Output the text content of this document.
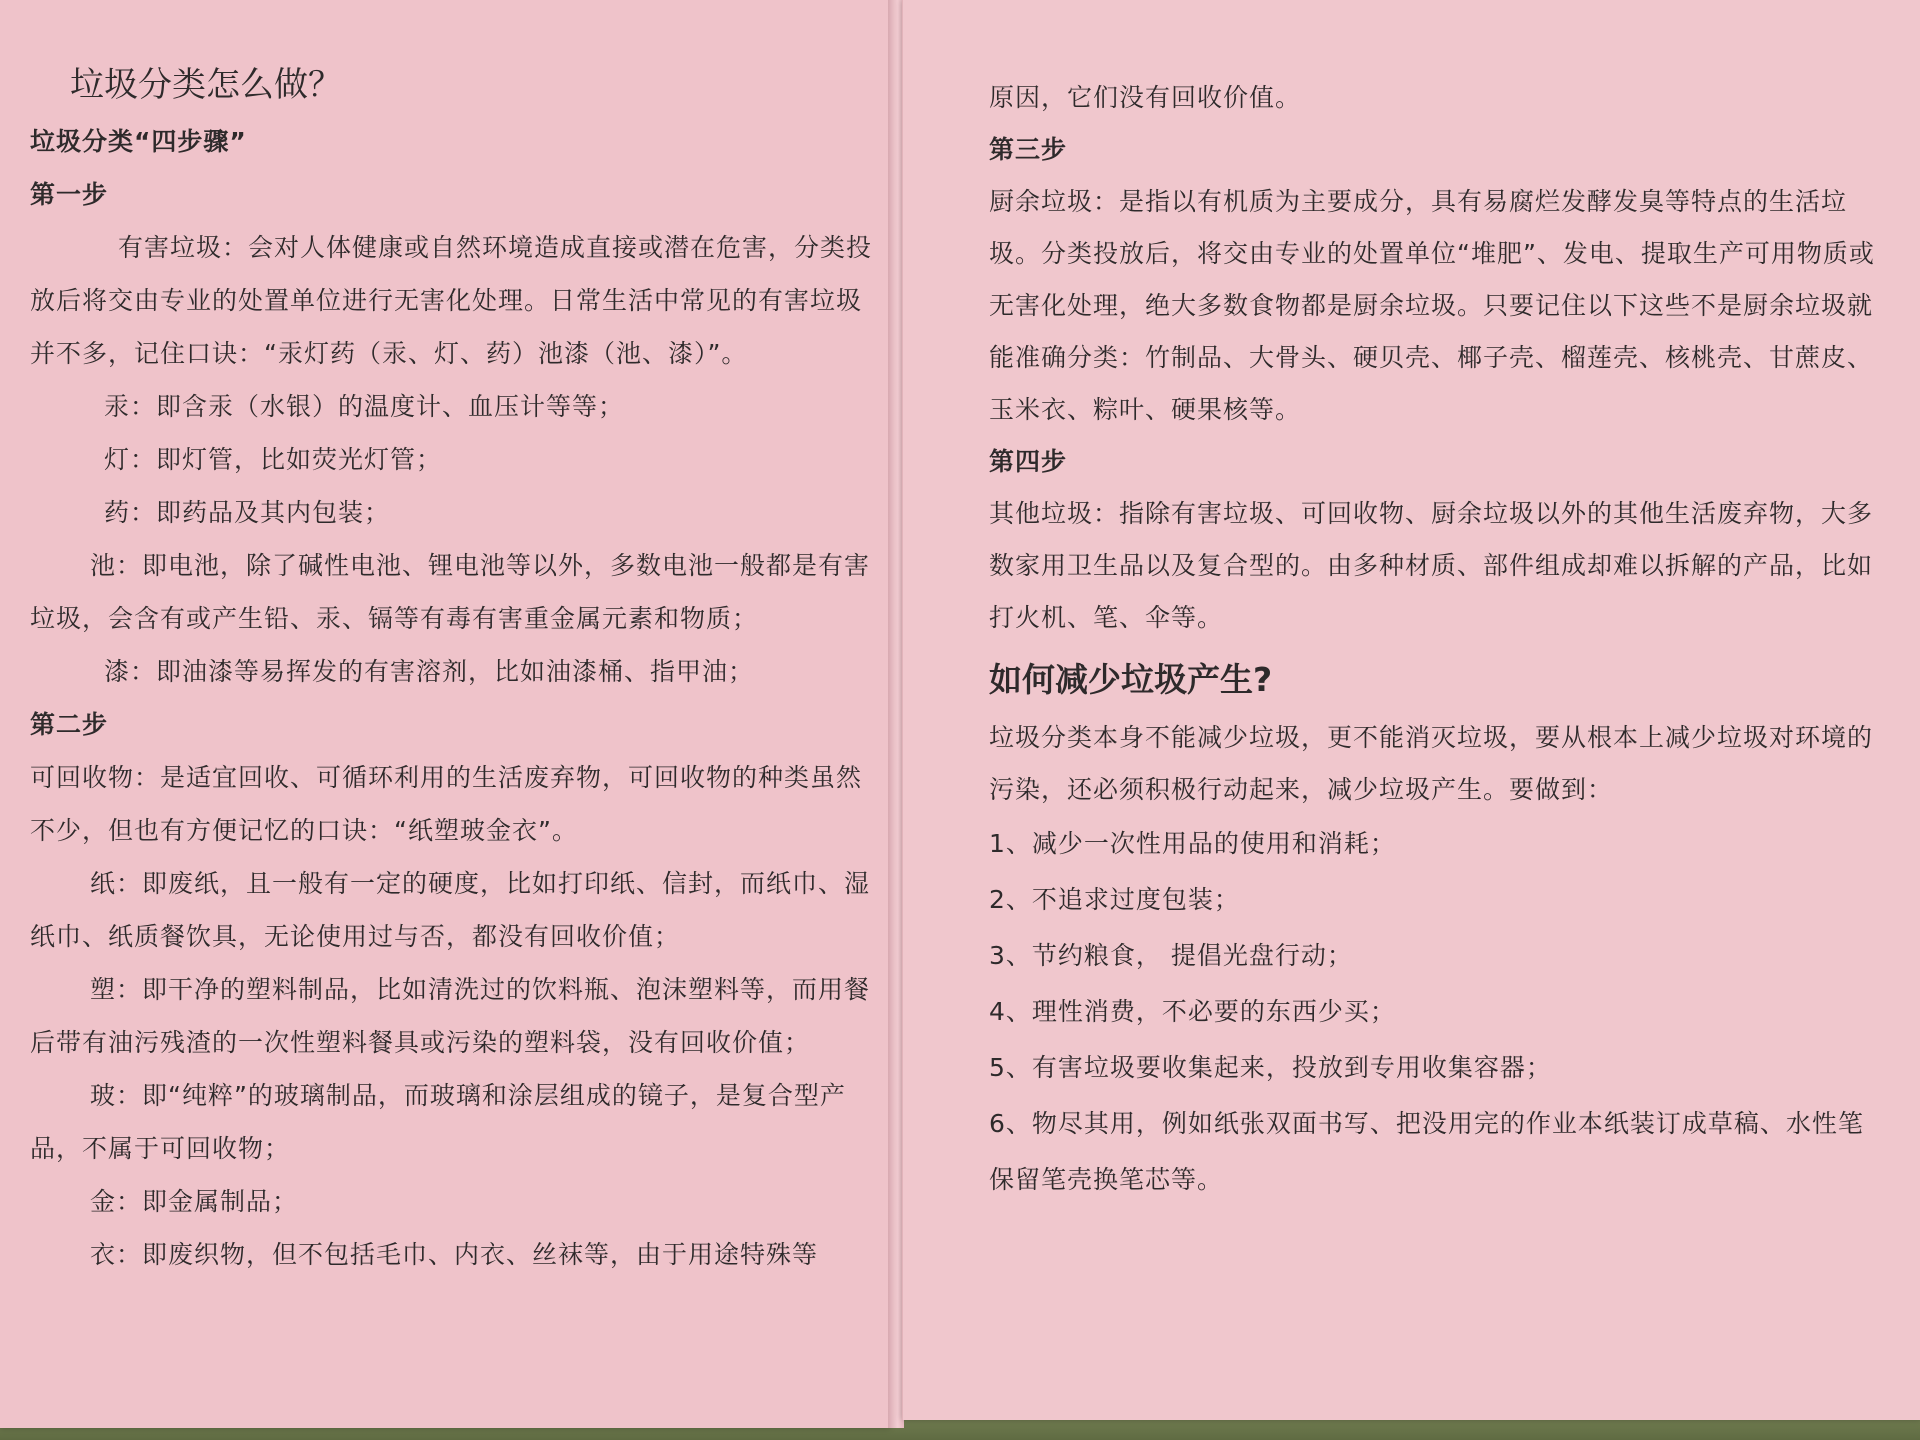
垃圾分类怎么做？

垃圾分类“四步骤”

第一步

有害垃圾：会对人体健康或自然环境造成直接或潜在危害，分类投放后将交由专业的处置单位进行无害化处理。日常生活中常见的有害垃圾并不多，记住口诀：“汞灯药（汞、灯、药）池漆（池、漆）”。

汞：即含汞（水银）的温度计、血压计等等；

灯：即灯管，比如荧光灯管；

药：即药品及其内包装；

池：即电池，除了碱性电池、锂电池等以外，多数电池一般都是有害垃圾，会含有或产生铅、汞、镉等有毒有害重金属元素和物质；

漆：即油漆等易挥发的有害溶剂，比如油漆桶、指甲油；

第二步

可回收物：是适宜回收、可循环利用的生活废弃物，可回收物的种类虽然不少，但也有方便记忆的口诀：“纸塑玻金衣”。

纸：即废纸，且一般有一定的硬度，比如打印纸、信封，而纸巾、湿纸巾、纸质餐饮具，无论使用过与否，都没有回收价值；

塑：即干净的塑料制品，比如清洗过的饮料瓶、泡沫塑料等，而用餐后带有油污残渣的一次性塑料餐具或污染的塑料袋，没有回收价值；

玻：即“纯粹”的玻璃制品，而玻璃和涂层组成的镜子，是复合型产品，不属于可回收物；

金：即金属制品；

衣：即废织物，但不包括毛巾、内衣、丝袜等，由于用途特殊等

原因，它们没有回收价值。

第三步

厨余垃圾：是指以有机质为主要成分，具有易腐烂发酵发臭等特点的生活垃圾。分类投放后，将交由专业的处置单位“堆肥”、发电、提取生产可用物质或无害化处理，绝大多数食物都是厨余垃圾。只要记住以下这些不是厨余垃圾就能准确分类：竹制品、大骨头、硬贝壳、椰子壳、榴莲壳、核桃壳、甘蔗皮、玉米衣、粽叶、硬果核等。

第四步

其他垃圾：指除有害垃圾、可回收物、厨余垃圾以外的其他生活废弃物，大多数家用卫生品以及复合型的。由多种材质、部件组成却难以拆解的产品，比如打火机、笔、伞等。

如何减少垃圾产生?

垃圾分类本身不能减少垃圾，更不能消灭垃圾，要从根本上减少垃圾对环境的污染，还必须积极行动起来，减少垃圾产生。要做到：

1、减少一次性用品的使用和消耗；

2、不追求过度包装；

3、节约粮食， 提倡光盘行动；

4、理性消费，不必要的东西少买；

5、有害垃圾要收集起来，投放到专用收集容器；

6、物尽其用，例如纸张双面书写、把没用完的作业本纸装订成草稿、水性笔保留笔壳换笔芯等。
